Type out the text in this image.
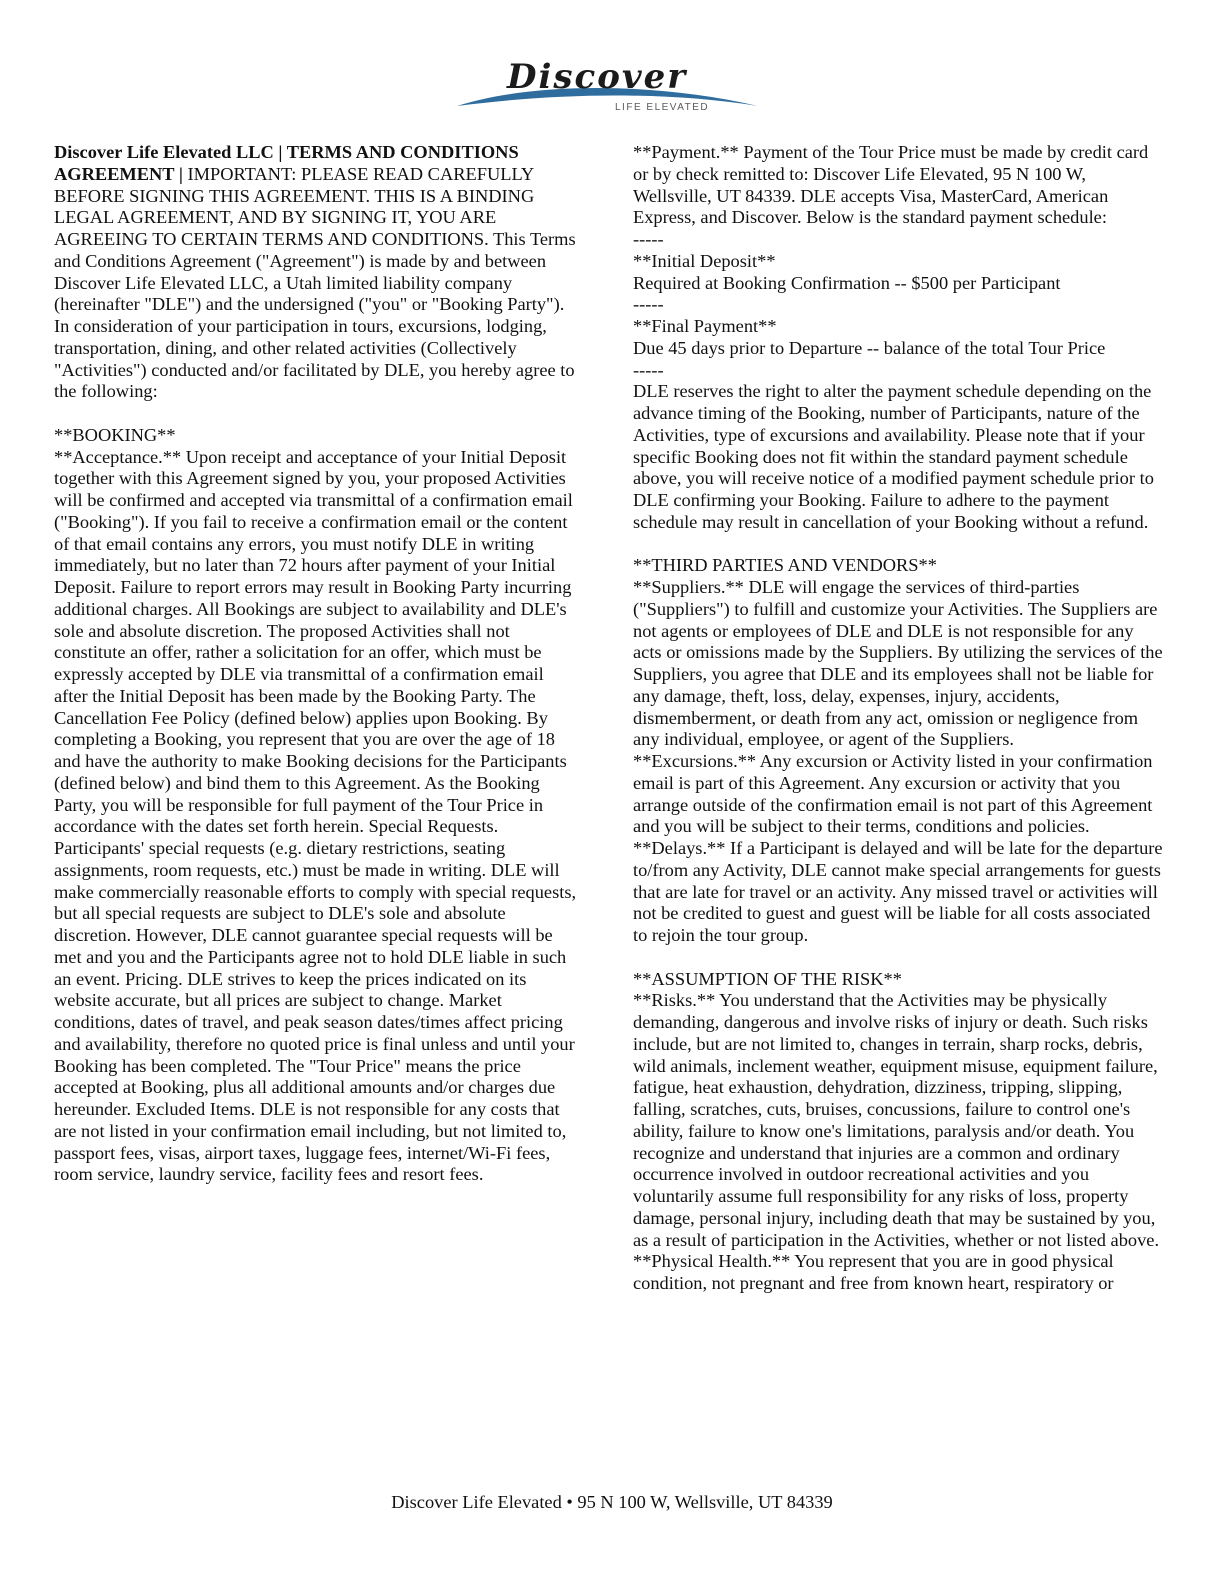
Discover
LIFE ELEVATED

Discover Life Elevated LLC | TERMS AND CONDITIONS AGREEMENT | IMPORTANT: PLEASE READ CAREFULLY BEFORE SIGNING THIS AGREEMENT. THIS IS A BINDING LEGAL AGREEMENT, AND BY SIGNING IT, YOU ARE AGREEING TO CERTAIN TERMS AND CONDITIONS. This Terms and Conditions Agreement ("Agreement") is made by and between Discover Life Elevated LLC, a Utah limited liability company (hereinafter "DLE") and the undersigned ("you" or "Booking Party"). In consideration of your participation in tours, excursions, lodging, transportation, dining, and other related activities (Collectively "Activities") conducted and/or facilitated by DLE, you hereby agree to the following:

**BOOKING**

**Acceptance.** Upon receipt and acceptance of your Initial Deposit together with this Agreement signed by you, your proposed Activities will be confirmed and accepted via transmittal of a confirmation email ("Booking"). If you fail to receive a confirmation email or the content of that email contains any errors, you must notify DLE in writing immediately, but no later than 72 hours after payment of your Initial Deposit. Failure to report errors may result in Booking Party incurring additional charges. All Bookings are subject to availability and DLE's sole and absolute discretion. The proposed Activities shall not constitute an offer, rather a solicitation for an offer, which must be expressly accepted by DLE via transmittal of a confirmation email after the Initial Deposit has been made by the Booking Party. The Cancellation Fee Policy (defined below) applies upon Booking. By completing a Booking, you represent that you are over the age of 18 and have the authority to make Booking decisions for the Participants (defined below) and bind them to this Agreement. As the Booking Party, you will be responsible for full payment of the Tour Price in accordance with the dates set forth herein. Special Requests. Participants' special requests (e.g. dietary restrictions, seating assignments, room requests, etc.) must be made in writing. DLE will make commercially reasonable efforts to comply with special requests, but all special requests are subject to DLE's sole and absolute discretion. However, DLE cannot guarantee special requests will be met and you and the Participants agree not to hold DLE liable in such an event. Pricing. DLE strives to keep the prices indicated on its website accurate, but all prices are subject to change. Market conditions, dates of travel, and peak season dates/times affect pricing and availability, therefore no quoted price is final unless and until your Booking has been completed. The "Tour Price" means the price accepted at Booking, plus all additional amounts and/or charges due hereunder. Excluded Items. DLE is not responsible for any costs that are not listed in your confirmation email including, but not limited to, passport fees, visas, airport taxes, luggage fees, internet/Wi-Fi fees, room service, laundry service, facility fees and resort fees.

**Payment.** Payment of the Tour Price must be made by credit card or by check remitted to: Discover Life Elevated, 95 N 100 W, Wellsville, UT 84339. DLE accepts Visa, MasterCard, American Express, and Discover. Below is the standard payment schedule:

-----

**Initial Deposit**

Required at Booking Confirmation -- $500 per Participant

-----

**Final Payment**

Due 45 days prior to Departure -- balance of the total Tour Price

-----

DLE reserves the right to alter the payment schedule depending on the advance timing of the Booking, number of Participants, nature of the Activities, type of excursions and availability. Please note that if your specific Booking does not fit within the standard payment schedule above, you will receive notice of a modified payment schedule prior to DLE confirming your Booking. Failure to adhere to the payment schedule may result in cancellation of your Booking without a refund.

**THIRD PARTIES AND VENDORS**

**Suppliers.** DLE will engage the services of third-parties ("Suppliers") to fulfill and customize your Activities. The Suppliers are not agents or employees of DLE and DLE is not responsible for any acts or omissions made by the Suppliers. By utilizing the services of the Suppliers, you agree that DLE and its employees shall not be liable for any damage, theft, loss, delay, expenses, injury, accidents, dismemberment, or death from any act, omission or negligence from any individual, employee, or agent of the Suppliers.

**Excursions.** Any excursion or Activity listed in your confirmation email is part of this Agreement. Any excursion or activity that you arrange outside of the confirmation email is not part of this Agreement and you will be subject to their terms, conditions and policies.

**Delays.** If a Participant is delayed and will be late for the departure to/from any Activity, DLE cannot make special arrangements for guests that are late for travel or an activity. Any missed travel or activities will not be credited to guest and guest will be liable for all costs associated to rejoin the tour group.

**ASSUMPTION OF THE RISK**

**Risks.** You understand that the Activities may be physically demanding, dangerous and involve risks of injury or death. Such risks include, but are not limited to, changes in terrain, sharp rocks, debris, wild animals, inclement weather, equipment misuse, equipment failure, fatigue, heat exhaustion, dehydration, dizziness, tripping, slipping, falling, scratches, cuts, bruises, concussions, failure to control one's ability, failure to know one's limitations, paralysis and/or death. You recognize and understand that injuries are a common and ordinary occurrence involved in outdoor recreational activities and you voluntarily assume full responsibility for any risks of loss, property damage, personal injury, including death that may be sustained by you, as a result of participation in the Activities, whether or not listed above.

**Physical Health.** You represent that you are in good physical condition, not pregnant and free from known heart, respiratory or

Discover Life Elevated • 95 N 100 W, Wellsville, UT 84339
